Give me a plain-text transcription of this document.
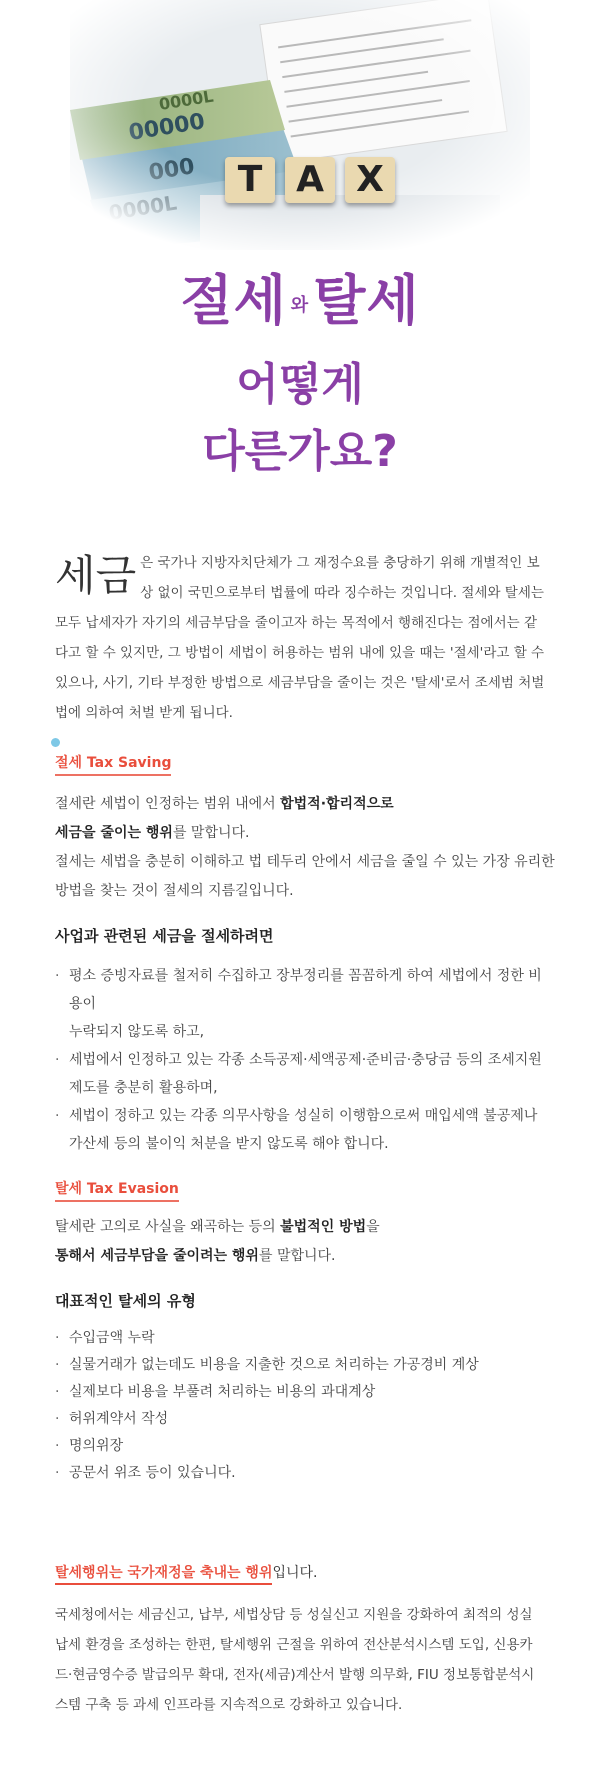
T A X
절세 와탈세
어떻게
다른가요?
세금 은 국가나 지방자치단체가 그 재정수요를 충당하기 위해 개별적인 보상 없이 국민으로부터 법률에 따라 징수하는 것입니다. 절세와 탈세는 모두 납세자가 자기의 세금부담을 줄이고자 하는 목적에서 행해진다는 점에서는 같다고 할 수 있지만, 그 방법이 세법이 허용하는 범위 내에 있을 때는 '절세'라고 할 수 있으나, 사기, 기타 부정한 방법으로 세금부담을 줄이는 것은 '탈세'로서 조세범 처벌법에 의하여 처벌 받게 됩니다.
절세 Tax Saving
절세란 세법이 인정하는 범위 내에서 합법적·합리적으로
세금을 줄이는 행위를 말합니다.
절세는 세법을 충분히 이해하고 법 테두리 안에서 세금을 줄일 수 있는 가장 유리한 방법을 찾는 것이 절세의 지름길입니다.
사업과 관련된 세금을 절세하려면
· 평소 증빙자료를 철저히 수집하고 장부정리를 꼼꼼하게 하여 세법에서 정한 비용이
누락되지 않도록 하고,
· 세법에서 인정하고 있는 각종 소득공제·세액공제·준비금·충당금 등의 조세지원
제도를 충분히 활용하며,
· 세법이 정하고 있는 각종 의무사항을 성실히 이행함으로써 매입세액 불공제나
가산세 등의 불이익 처분을 받지 않도록 해야 합니다.
탈세 Tax Evasion
탈세란 고의로 사실을 왜곡하는 등의 불법적인 방법을
통해서 세금부담을 줄이려는 행위를 말합니다.
대표적인 탈세의 유형
· 수입금액 누락
· 실물거래가 없는데도 비용을 지출한 것으로 처리하는 가공경비 계상
· 실제보다 비용을 부풀려 처리하는 비용의 과대계상
· 허위계약서 작성
· 명의위장
· 공문서 위조 등이 있습니다.
탈세행위는 국가재정을 축내는 행위입니다.
국세청에서는 세금신고, 납부, 세법상담 등 성실신고 지원을 강화하여 최적의 성실납세 환경을 조성하는 한편, 탈세행위 근절을 위하여 전산분석시스템 도입, 신용카드·현금영수증 발급의무 확대, 전자(세금)계산서 발행 의무화, FIU 정보통합분석시스템 구축 등 과세 인프라를 지속적으로 강화하고 있습니다.
